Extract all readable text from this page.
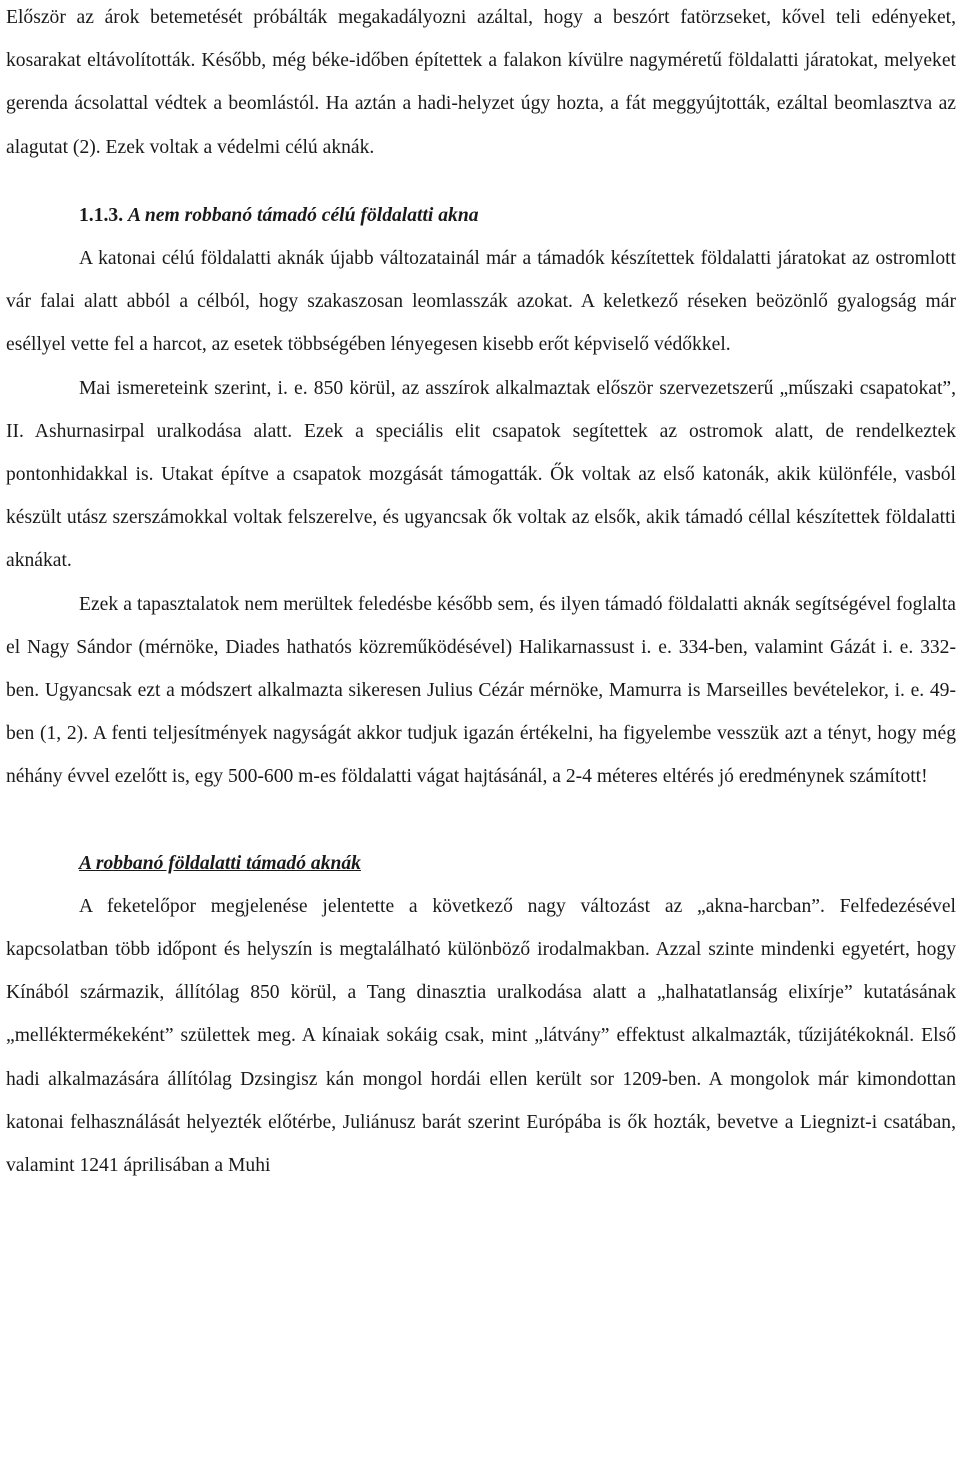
Először az árok betemetését próbálták megakadályozni azáltal, hogy a beszórt fatörzseket, kővel teli edényeket, kosarakat eltávolították. Később, még béke-időben építettek a falakon kívülre nagyméretű földalatti járatokat, melyeket gerenda ácsolattal védtek a beomlástól. Ha aztán a hadi-helyzet úgy hozta, a fát meggyújtották, ezáltal beomlasztva az alagutat (2). Ezek voltak a védelmi célú aknák.

1.1.3. A nem robbanó támadó célú földalatti akna

A katonai célú földalatti aknák újabb változatainál már a támadók készítettek földalatti járatokat az ostromlott vár falai alatt abból a célból, hogy szakaszosan leomlasszák azokat. A keletkező réseken beözönlő gyalogság már eséllyel vette fel a harcot, az esetek többségében lényegesen kisebb erőt képviselő védőkkel.

Mai ismereteink szerint, i. e. 850 körül, az asszírok alkalmaztak először szervezetszerű „műszaki csapatokat”, II. Ashurnasirpal uralkodása alatt. Ezek a speciális elit csapatok segítettek az ostromok alatt, de rendelkeztek pontonhidakkal is. Utakat építve a csapatok mozgását támogatták. Ők voltak az első katonák, akik különféle, vasból készült utász szerszámokkal voltak felszerelve, és ugyancsak ők voltak az elsők, akik támadó céllal készítettek földalatti aknákat.

Ezek a tapasztalatok nem merültek feledésbe később sem, és ilyen támadó földalatti aknák segítségével foglalta el Nagy Sándor (mérnöke, Diades hathatós közreműködésével) Halikarnassust i. e. 334-ben, valamint Gázát i. e. 332-ben. Ugyancsak ezt a módszert alkalmazta sikeresen Julius Cézár mérnöke, Mamurra is Marseilles bevételekor, i. e. 49-ben (1, 2). A fenti teljesítmények nagyságát akkor tudjuk igazán értékelni, ha figyelembe vesszük azt a tényt, hogy még néhány évvel ezelőtt is, egy 500-600 m-es földalatti vágat hajtásánál, a 2-4 méteres eltérés jó eredménynek számított!

A robbanó földalatti támadó aknák

A feketelőpor megjelenése jelentette a következő nagy változást az „akna-harcban”. Felfedezésével kapcsolatban több időpont és helyszín is megtalálható különböző irodalmakban. Azzal szinte mindenki egyetért, hogy Kínából származik, állítólag 850 körül, a Tang dinasztia uralkodása alatt a „halhatatlanság elixírje” kutatásának „melléktermékeként” születtek meg. A kínaiak sokáig csak, mint „látvány” effektust alkalmazták, tűzijátékoknál. Első hadi alkalmazására állítólag Dzsingisz kán mongol hordái ellen került sor 1209-ben. A mongolok már kimondottan katonai felhasználását helyezték előtérbe, Juliánusz barát szerint Európába is ők hozták, bevetve a Liegnizt-i csatában, valamint 1241 áprilisában a Muhi
